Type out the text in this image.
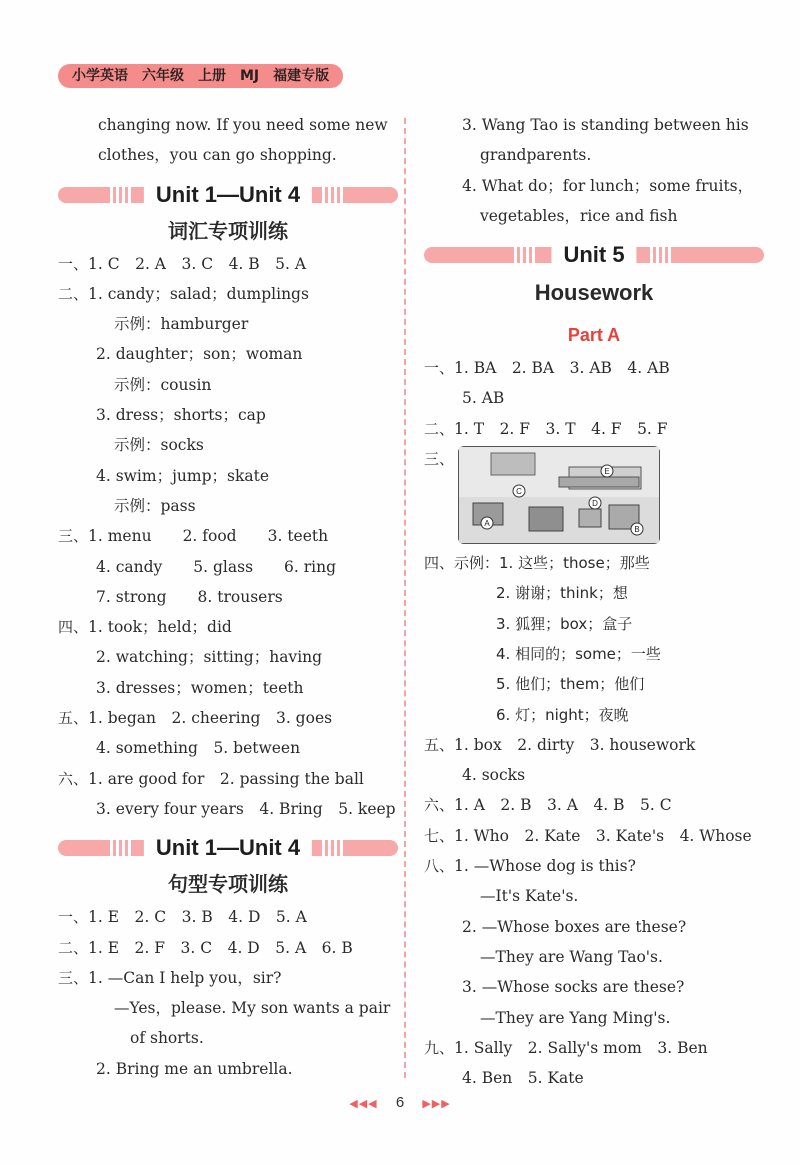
小学英语　六年级　上册　MJ　福建专版
changing now. If you need some new
clothes，you can go shopping.
Unit 1—Unit 4
词汇专项训练
一、1. C　2. A　3. C　4. B　5. A
二、1. candy；salad；dumplings
示例：hamburger
2. daughter；son；woman
示例：cousin
3. dress；shorts；cap
示例：socks
4. swim；jump；skate
示例：pass
三、1. menu　　2. food　　3. teeth
4. candy　　5. glass　　6. ring
7. strong　　8. trousers
四、1. took；held；did
2. watching；sitting；having
3. dresses；women；teeth
五、1. began　2. cheering　3. goes
4. something　5. between
六、1. are good for　2. passing the ball
3. every four years　4. Bring　5. keep
Unit 1—Unit 4
句型专项训练
一、1. E　2. C　3. B　4. D　5. A
二、1. E　2. F　3. C　4. D　5. A　6. B
三、1. —Can I help you，sir?
—Yes，please. My son wants a pair
of shorts.
2. Bring me an umbrella.
3. Wang Tao is standing between his
grandparents.
4. What do；for lunch；some fruits，
vegetables，rice and fish
Unit 5
Housework
Part A
一、1. BA　2. BA　3. AB　4. AB
5. AB
二、1. T　2. F　3. T　4. F　5. F
三、
A
B
C
D
E
四、示例：1. 这些；those；那些
2. 谢谢；think；想
3. 狐狸；box；盒子
4. 相同的；some；一些
5. 他们；them；他们
6. 灯；night；夜晚
五、1. box　2. dirty　3. housework
4. socks
六、1. A　2. B　3. A　4. B　5. C
七、1. Who　2. Kate　3. Kate's　4. Whose
八、1. —Whose dog is this?
—It's Kate's.
2. —Whose boxes are these?
—They are Wang Tao's.
3. —Whose socks are these?
—They are Yang Ming's.
九、1. Sally　2. Sally's mom　3. Ben
4. Ben　5. Kate
◀◀◀ 6 ▶▶▶
